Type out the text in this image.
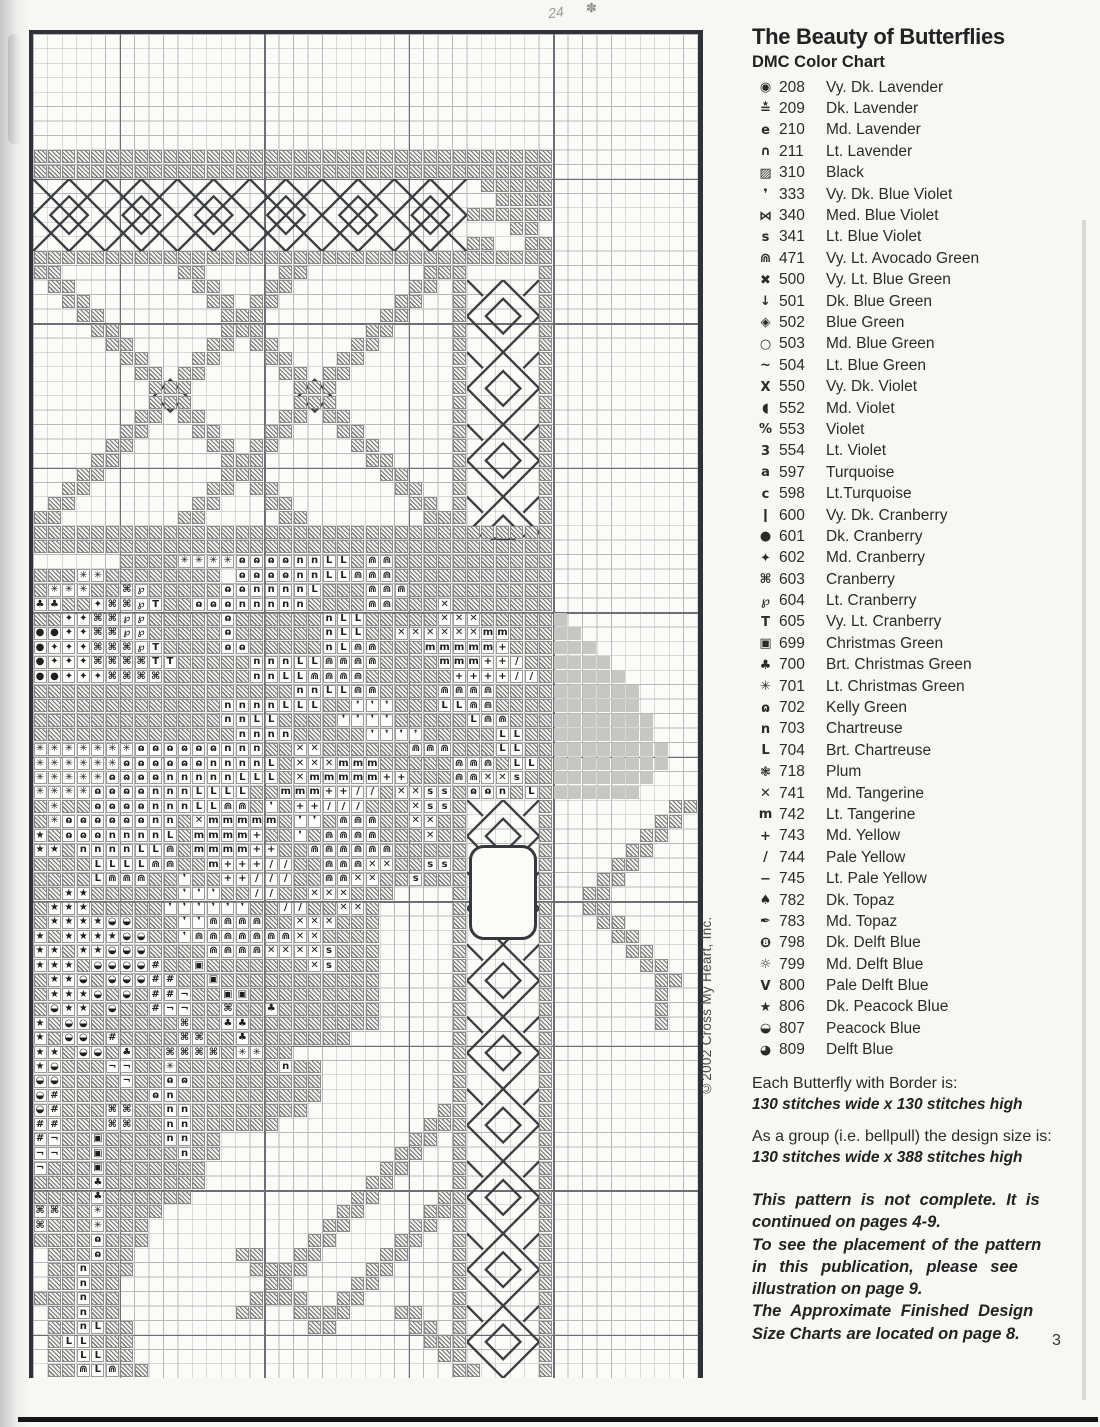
24 ✽
✳ ✳ ✳ ✳ ɷ ɷ ɷ ɷ n n L L	⋒ ⋒
✳ ✳	ɷ ɷ ɷ ɷ n n L L ⋒ ⋒ ⋒
✳ ✳ ✳	⌘ ℘	ɷ ɷ n n n n L	⋒ ⋒ ⋒
♣ ♣	✦ ⌘ ⌘ ℘ T	ɷ ɷ ɷ n n n n n	⋒ ⋒	✕
✦ ✦ ⌘ ⌘ ℘ ℘	ɷ	n L L	✕ ✕ ✕
● ● ✦ ✦ ⌘ ⌘ ℘ ℘	ɷ	n L L	✕ ✕ ✕ ✕ ✕ ✕ m m
● ✦ ✦ ✦ ⌘ ⌘ ⌘ ℘ T	ɷ ɷ	n L ⋒ ⋒	m m m m m +
● ✦ ✦ ✦ ⌘ ⌘ ⌘ ⌘ T T	n n n L L ⋒ ⋒ ⋒ ⋒	m m m + + /
● ● ✦ ✦ ✦ ⌘ ⌘ ⌘ ⌘	n n L L ⋒ ⋒ ⋒ ⋒	+ + + + /	/
n n L L ⋒ ⋒	⋒ ⋒ ⋒ ⋒
n n n n L L L	❜	❜	❜	L L ⋒ ⋒
n n L L	❜	❜	❜	❜	L ⋒ ⋒
n n n n	❜	❜	❜	❜	L L
✳ ✳ ✳ ✳ ✳ ✳ ✳ ɷ ɷ ɷ ɷ ɷ ɷ n n n	✕ ✕	⋒ ⋒ ⋒	L L
✳ ✳ ✳ ✳ ✳ ✳ ɷ ɷ ɷ ɷ ɷ ɷ n n n n L	✕ ✕ ✕ m m m	⋒ ⋒ ⋒	L L
✳ ✳ ✳ ✳ ✳ ɷ ɷ ɷ ɷ n n n n n L L L	✕ m m m m m + +	⋒ ⋒ ✕ ✕ s
✳ ✳ ✳ ✳ ɷ ɷ ɷ ɷ n n n L L L L	m m m + + /	/	✕ ✕ s s	ɷ ɷ n	L
✳	ɷ ɷ ɷ ɷ n n n L L ⋒ ⋒	❜	+ + /	/	/	✕ s s
✳ ɷ ɷ ɷ ɷ ɷ ɷ n n ✕ m m m m m	❜	❜	⋒ ⋒ ⋒	✕ ✕
★	ɷ ɷ ɷ n n n n L	m m m m +	❜	⋒ ⋒ ⋒ ⋒	✕
★ ★ n n n n L L ⋒ m m m m + +	⋒ ⋒ ⋒ ⋒ ⋒ ⋒
L L L L ⋒ ⋒	m + + + /	/	⋒ ⋒ ⋒ ✕ ✕	s s
L ⋒ ⋒ ⋒	❜	+ + /	/	/	⋒ ⋒ ✕ ✕	s
★ ★	❜	❜	❜	/	/	✕ ✕ ✕
★ ★ ★	❜	❜	❜	❜	❜	❜	/	/	✕ ✕
★ ★ ★ ★ ◒ ◒	❜	❜ ⋒ ⋒ ⋒ ⋒	✕ ✕ ✕
★ ★ ★ ★ ★ ◒ ◒	❜ ⋒ ⋒ ⋒ ⋒ ⋒ ⋒ ⋒ ✕ ✕
★ ★ ★ ★ ◒ ◒ ◒	⋒ ⋒ ⋒ ⋒ ✕ ✕ ✕ ✕ s
★ ★ ★ ◒ ◒ ◒ ◒ #	▣	✕ s
★ ★ ◒ ◒ ◒ ◒ # #	▣
★ ★ ★ ◒ ◒ # # ¬	▣ ▣
◒ ★ ★ ◒	# ¬ ¬	⌘	♣
★ ◒ ◒	⌘	♣ ♣
★ ◒ ◒ #	⌘ ⌘	♣
★ ★ ◒ ◒ ♣	⌘ ⌘ ⌘ ⌘ ✳ ✳
★ ◒	¬ ¬	✳	n
◒ ◒	¬	ɷ ɷ
◒ #	ɷ n
◒ #	⌘ ⌘	n n
# #	⌘ ⌘	n n
# ¬	▣	n n
¬ ¬	▣	n
¬	▣
♣
♣
⌘ ⌘	✳
⌘	✳
ɷ
ɷ
n
n
n
n
n L
L L
L L
⋒ L ⋒
©2002 Cross My Heart, Inc.
The Beauty of Butterflies
DMC Color Chart
◉ 208	Vy. Dk. Lavender
≛ 209	Dk. Lavender
e 210	Md. Lavender
∩ 211	Lt. Lavender
▨ 310	Black
❜ 333	Vy. Dk. Blue Violet
⋈ 340	Med. Blue Violet
s 341	Lt. Blue Violet
⋒ 471	Vy. Lt. Avocado Green
✖ 500	Vy. Lt. Blue Green
↓ 501	Dk. Blue Green
◈ 502	Blue Green
○ 503	Md. Blue Green
~ 504	Lt. Blue Green
Ⅹ 550	Vy. Dk. Violet
◖ 552	Md. Violet
% 553	Violet
3 554	Lt. Violet
a 597	Turquoise
c 598	Lt.Turquoise
❙ 600	Vy. Dk. Cranberry
● 601	Dk. Cranberry
✦ 602	Md. Cranberry
⌘ 603	Cranberry
℘ 604	Lt. Cranberry
T 605	Vy. Lt. Cranberry
▣ 699	Christmas Green
♣ 700	Brt. Christmas Green
✳ 701	Lt. Christmas Green
ɷ 702	Kelly Green
n 703	Chartreuse
L 704	Brt. Chartreuse
❃ 718	Plum
✕ 741	Md. Tangerine
m 742	Lt. Tangerine
+ 743	Md. Yellow
/ 744	Pale Yellow
− 745	Lt. Pale Yellow
♠ 782	Dk. Topaz
✒ 783	Md. Topaz
❽ 798	Dk. Delft Blue
☼ 799	Md. Delft Blue
V 800	Pale Delft Blue
★ 806	Dk. Peacock Blue
◒ 807	Peacock Blue
◕ 809	Delft Blue
Each Butterfly with Border is:
130 stitches wide x 130 stitches high
As a group (i.e. bellpull) the design size is:
130 stitches wide x 388 stitches high
This pattern is not complete. It is
continued on pages 4-9.
To see the placement of the pattern
in this publication, please see
illustration on page 9.
The Approximate Finished Design
Size Charts are located on page 8.	3
